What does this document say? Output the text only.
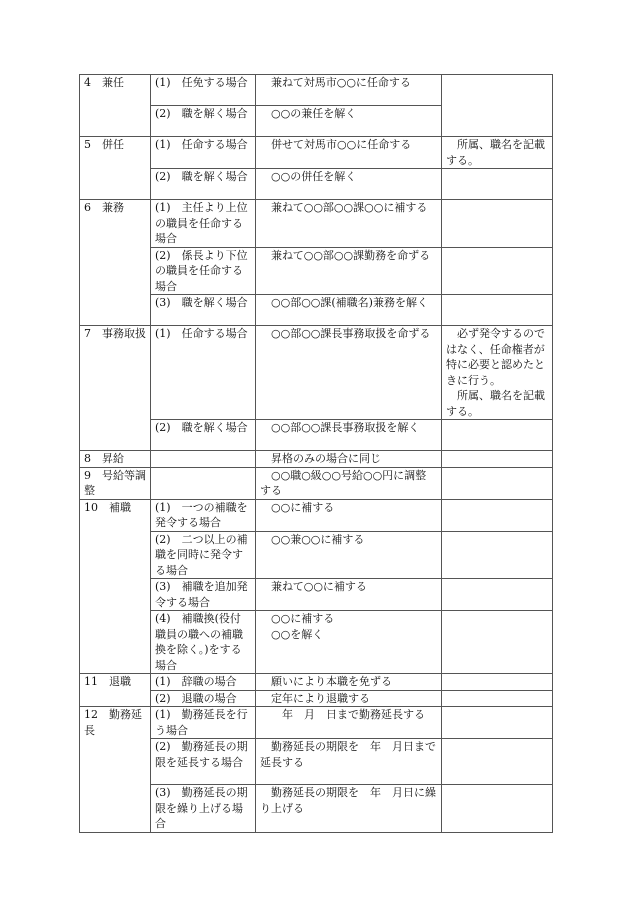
4　兼任	(1)　任免する場合	　兼ねて対馬市○○に任命する	
	(2)　職を解く場合	　○○の兼任を解く	
5　併任	(1)　任命する場合	　併せて対馬市○○に任命する	　所属、職名を記載する。
	(2)　職を解く場合	　○○の併任を解く	
6　兼務	(1)　主任より上位の職員を任命する場合	　兼ねて○○部○○課○○に補する	
	(2)　係長より下位の職員を任命する場合	　兼ねて○○部○○課勤務を命ずる	
	(3)　職を解く場合	　○○部○○課(補職名)兼務を解く	
7　事務取扱	(1)　任命する場合	　○○部○○課長事務取扱を命ずる	　必ず発令するのではなく、任命権者が特に必要と認めたときに行う。
　所属、職名を記載する。
	(2)　職を解く場合	　○○部○○課長事務取扱を解く	
8　昇給		　昇格のみの場合に同じ	
9　号給等調整		　○○職○級○○号給○○円に調整する	
10　補職	(1)　一つの補職を発令する場合	　○○に補する	
	(2)　二つ以上の補職を同時に発令する場合	　○○兼○○に補する	
	(3)　補職を追加発令する場合	　兼ねて○○に補する	
	(4)　補職換(役付職員の職への補職換を除く。)をする場合	　○○に補する
　○○を解く	
11　退職	(1)　辞職の場合	　願いにより本職を免ずる	
	(2)　退職の場合	　定年により退職する	
12　勤務延長	(1)　勤務延長を行う場合	　　年　月　日まで勤務延長する	
	(2)　勤務延長の期限を延長する場合	　勤務延長の期限を　年　月日まで延長する	
	(3)　勤務延長の期限を繰り上げる場合	　勤務延長の期限を　年　月日に繰り上げる	
